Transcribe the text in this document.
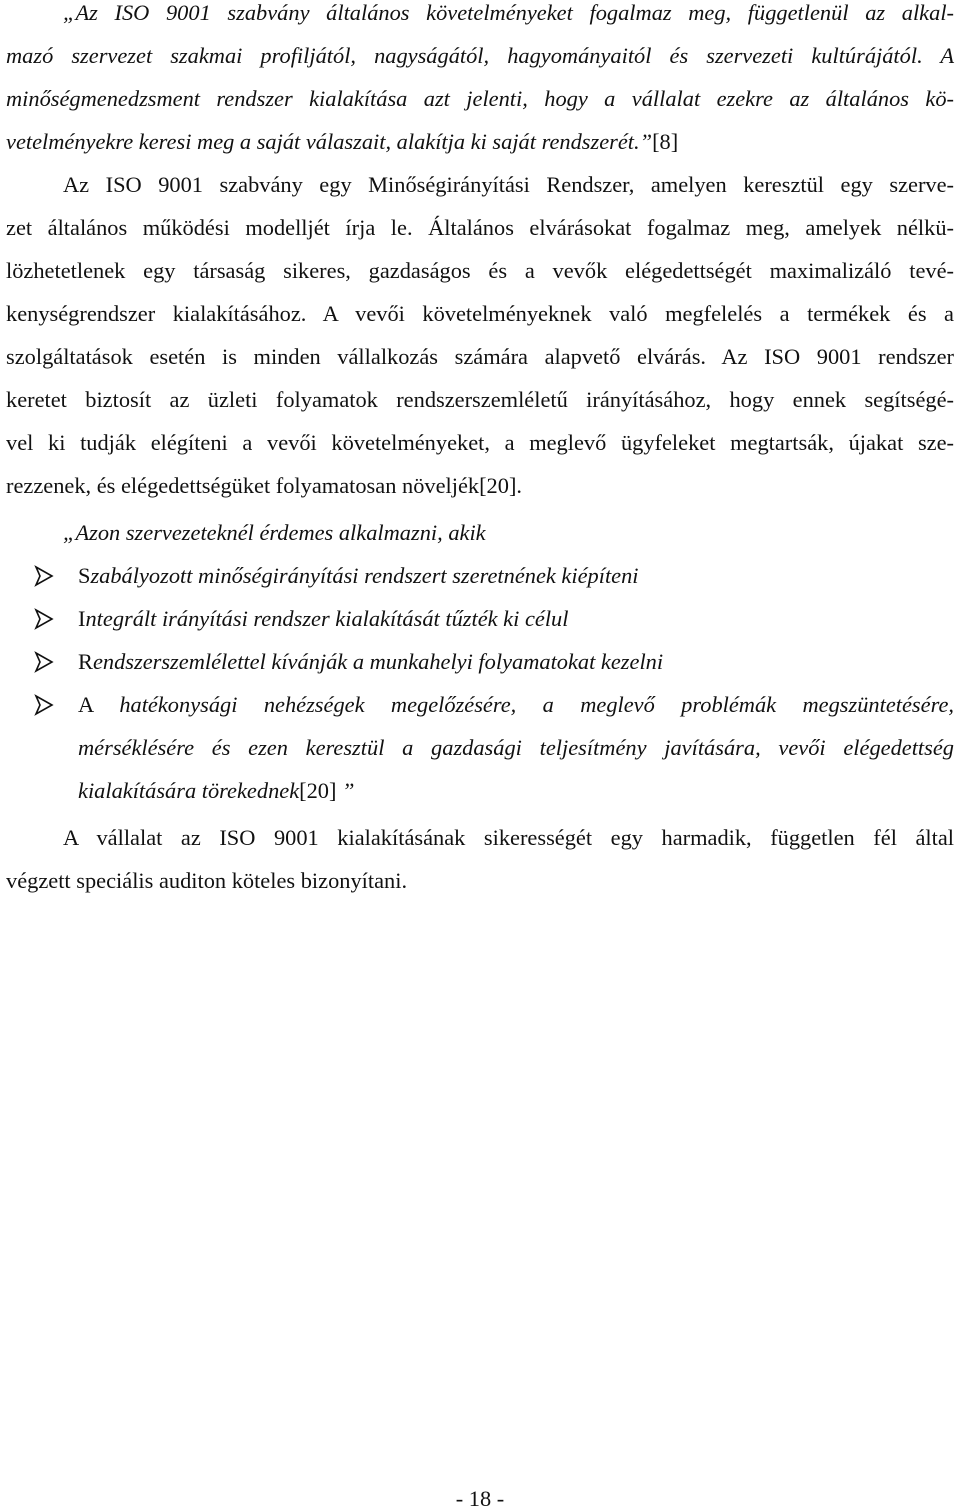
„Az ISO 9001 szabvány általános követelményeket fogalmaz meg, függetlenül az alkal-
mazó szervezet szakmai profiljától, nagyságától, hagyományaitól és szervezeti kultúrájától. A
minőségmenedzsment rendszer kialakítása azt jelenti, hogy a vállalat ezekre az általános kö-
vetelményekre keresi meg a saját válaszait, alakítja ki saját rendszerét.”[8]
Az ISO 9001 szabvány egy Minőségirányítási Rendszer, amelyen keresztül egy szerve-
zet általános működési modelljét írja le. Általános elvárásokat fogalmaz meg, amelyek nélkü-
lözhetetlenek egy társaság sikeres, gazdaságos és a vevők elégedettségét maximalizáló tevé-
kenységrendszer kialakításához. A vevői követelményeknek való megfelelés a termékek és a
szolgáltatások esetén is minden vállalkozás számára alapvető elvárás. Az ISO 9001 rendszer
keretet biztosít az üzleti folyamatok rendszerszemléletű irányításához, hogy ennek segítségé-
vel ki tudják elégíteni a vevői követelményeket, a meglevő ügyfeleket megtartsák, újakat sze-
rezzenek, és elégedettségüket folyamatosan növeljék[20].
„Azon szervezeteknél érdemes alkalmazni, akik
Szabályozott minőségirányítási rendszert szeretnének kiépíteni
Integrált irányítási rendszer kialakítását tűzték ki célul
Rendszerszemlélettel kívánják a munkahelyi folyamatokat kezelni
A hatékonysági nehézségek megelőzésére, a meglevő problémák megszüntetésére,
mérséklésére és ezen keresztül a gazdasági teljesítmény javítására, vevői elégedettség
kialakítására törekednek[20] ”
A vállalat az ISO 9001 kialakításának sikerességét egy harmadik, független fél által
végzett speciális auditon köteles bizonyítani.
- 18 -
